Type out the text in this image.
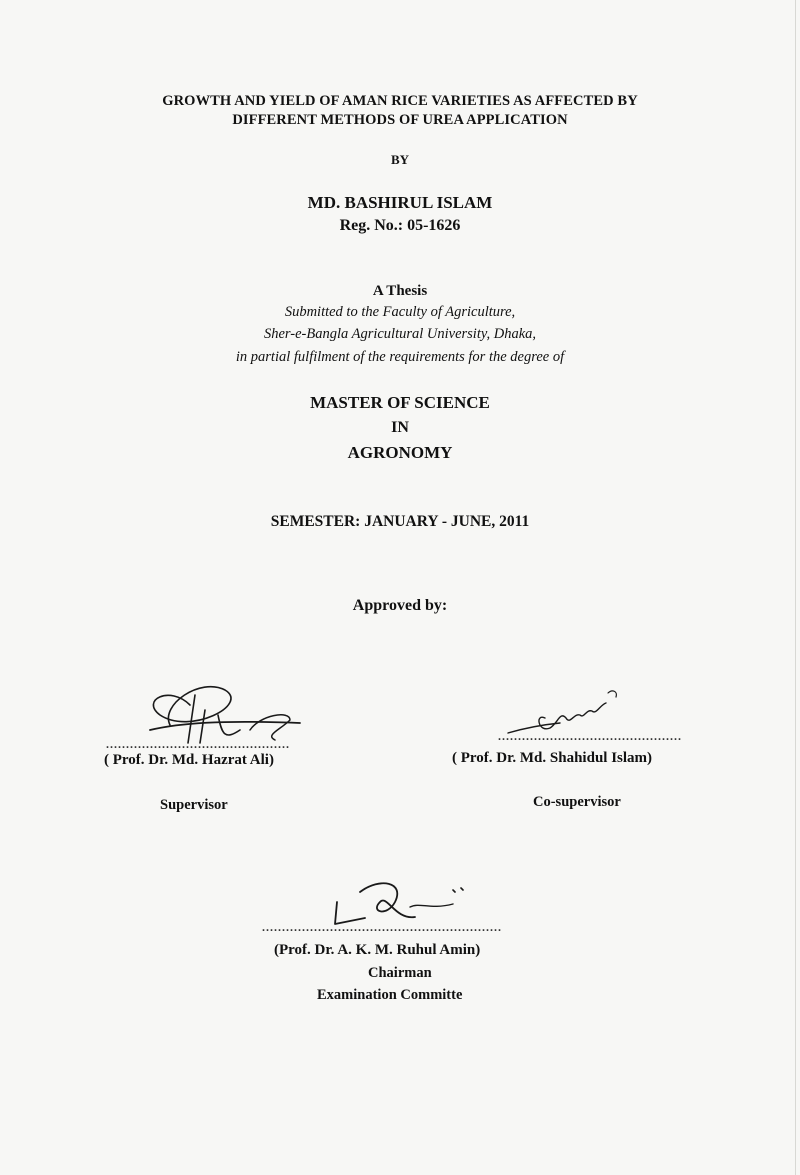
GROWTH AND YIELD OF AMAN RICE VARIETIES AS AFFECTED BY
DIFFERENT METHODS OF UREA APPLICATION
BY
MD. BASHIRUL ISLAM
Reg. No.: 05-1626
A Thesis
Submitted to the Faculty of Agriculture,
Sher-e-Bangla Agricultural University, Dhaka,
in partial fulfilment of the requirements for the degree of
MASTER OF SCIENCE
IN
AGRONOMY
SEMESTER: JANUARY - JUNE, 2011
Approved by:
..............................................
( Prof. Dr. Md. Hazrat Ali)
Supervisor
..............................................
( Prof. Dr. Md. Shahidul Islam)
Co-supervisor
............................................................
(Prof. Dr. A. K. M. Ruhul Amin)
Chairman
Examination Committe
